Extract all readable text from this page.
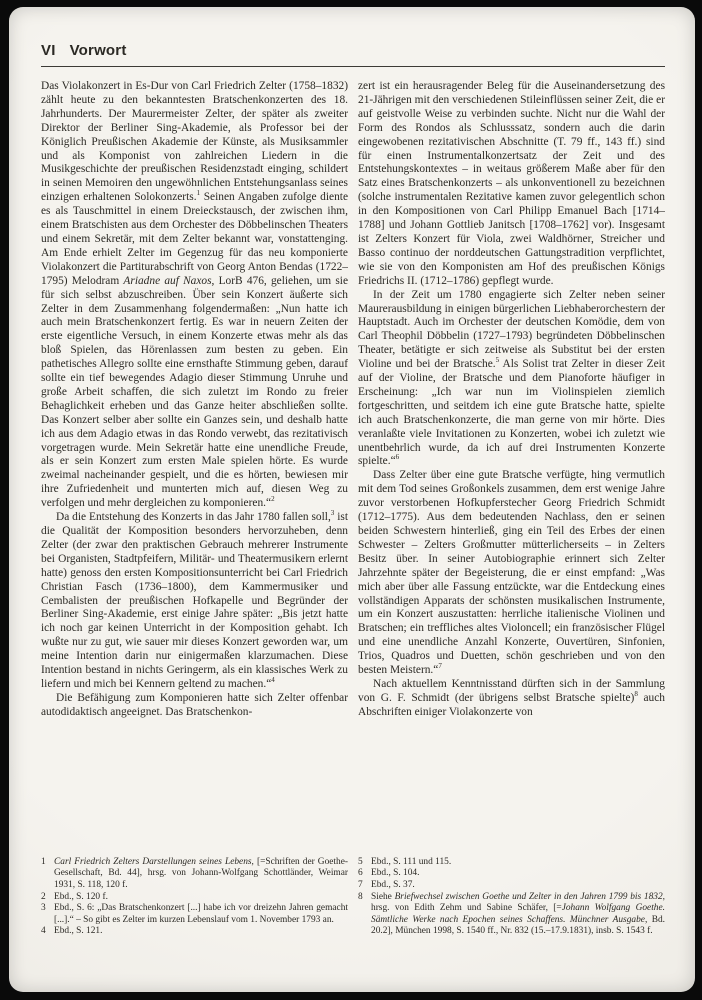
VI Vorwort

Das Violakonzert in Es-Dur von Carl Friedrich Zelter (1758–1832) zählt heute zu den bekanntesten Bratschenkonzerten des 18. Jahrhunderts. Der Maurermeister Zelter, der später als zweiter Direktor der Berliner Sing-Akademie, als Professor bei der Königlich Preußischen Akademie der Künste, als Musiksammler und als Komponist von zahlreichen Liedern in die Musikgeschichte der preußischen Residenzstadt einging, schildert in seinen Memoiren den ungewöhnlichen Entstehungsanlass seines einzigen erhaltenen Solokonzerts.$^1$ Seinen Angaben zufolge diente es als Tauschmittel in einem Dreieckstausch, der zwischen ihm, einem Bratschisten aus dem Orchester des Döbbelinschen Theaters und einem Sekretär, mit dem Zelter bekannt war, vonstattenging. Am Ende erhielt Zelter im Gegenzug für das neu komponierte Violakonzert die Partiturabschrift von Georg Anton Bendas (1722–1795) Melodram Ariadne auf Naxos, LorB 476, geliehen, um sie für sich selbst abzuschreiben. Über sein Konzert äußerte sich Zelter in dem Zusammenhang folgendermaßen: „Nun hatte ich auch mein Bratschenkonzert fertig. Es war in neuern Zeiten der erste eigentliche Versuch, in einem Konzerte etwas mehr als das bloß Spielen, das Hörenlassen zum besten zu geben. Ein pathetisches Allegro sollte eine ernsthafte Stimmung geben, darauf sollte ein tief bewegendes Adagio dieser Stimmung Unruhe und große Arbeit schaffen, die sich zuletzt im Rondo zu freier Behaglichkeit erheben und das Ganze heiter abschließen sollte. Das Konzert selber aber sollte ein Ganzes sein, und deshalb hatte ich aus dem Adagio etwas in das Rondo verwebt, das rezitativisch vorgetragen wurde. Mein Sekretär hatte eine unendliche Freude, als er sein Konzert zum ersten Male spielen hörte. Es wurde zweimal nacheinander gespielt, und die es hörten, bewiesen mir ihre Zufriedenheit und munterten mich auf, diesen Weg zu verfolgen und mehr dergleichen zu komponieren.“$^2$

Da die Entstehung des Konzerts in das Jahr 1780 fallen soll,$^3$ ist die Qualität der Komposition besonders hervorzuheben, denn Zelter (der zwar den praktischen Gebrauch mehrerer Instrumente bei Organisten, Stadtpfeifern, Militär- und Theatermusikern erlernt hatte) genoss den ersten Kompositionsunterricht bei Carl Friedrich Christian Fasch (1736–1800), dem Kammermusiker und Cembalisten der preußischen Hofkapelle und Begründer der Berliner Sing-Akademie, erst einige Jahre später: „Bis jetzt hatte ich noch gar keinen Unterricht in der Komposition gehabt. Ich wußte nur zu gut, wie sauer mir dieses Konzert geworden war, um meine Intention darin nur einigermaßen klarzumachen. Diese Intention bestand in nichts Geringerm, als ein klassisches Werk zu liefern und mich bei Kennern geltend zu machen.“$^4$

Die Befähigung zum Komponieren hatte sich Zelter offenbar autodidaktisch angeeignet. Das Bratschenkon-

1 Carl Friedrich Zelters Darstellungen seines Lebens, [=Schriften der Goethe-Gesellschaft, Bd. 44], hrsg. von Johann-Wolfgang Schottländer, Weimar 1931, S. 118, 120 f.
2 Ebd., S. 120 f.
3 Ebd., S. 6: „Das Bratschenkonzert [...] habe ich vor dreizehn Jahren gemacht [...].“ – So gibt es Zelter im kurzen Lebenslauf vom 1. November 1793 an.
4 Ebd., S. 121.

zert ist ein herausragender Beleg für die Auseinandersetzung des 21-Jährigen mit den verschiedenen Stileinflüssen seiner Zeit, die er auf geistvolle Weise zu verbinden suchte. Nicht nur die Wahl der Form des Rondos als Schlusssatz, sondern auch die darin eingewobenen rezitativischen Abschnitte (T. 79 ff., 143 ff.) sind für einen Instrumentalkonzertsatz der Zeit und des Entstehungskontextes – in weitaus größerem Maße aber für den Satz eines Bratschenkonzerts – als unkonventionell zu bezeichnen (solche instrumentalen Rezitative kamen zuvor gelegentlich schon in den Kompositionen von Carl Philipp Emanuel Bach [1714–1788] und Johann Gottlieb Janitsch [1708–1762] vor). Insgesamt ist Zelters Konzert für Viola, zwei Waldhörner, Streicher und Basso continuo der norddeutschen Gattungstradition verpflichtet, wie sie von den Komponisten am Hof des preußischen Königs Friedrichs II. (1712–1786) gepflegt wurde.

In der Zeit um 1780 engagierte sich Zelter neben seiner Maurerausbildung in einigen bürgerlichen Liebhaberorchestern der Hauptstadt. Auch im Orchester der deutschen Komödie, dem von Carl Theophil Döbbelin (1727–1793) begründeten Döbbelinschen Theater, betätigte er sich zeitweise als Substitut bei der ersten Violine und bei der Bratsche.$^5$ Als Solist trat Zelter in dieser Zeit auf der Violine, der Bratsche und dem Pianoforte häufiger in Erscheinung: „Ich war nun im Violinspielen ziemlich fortgeschritten, und seitdem ich eine gute Bratsche hatte, spielte ich auch Bratschenkonzerte, die man gerne von mir hörte. Dies veranlaßte viele Invitationen zu Konzerten, wobei ich zuletzt wie unentbehrlich wurde, da ich auf drei Instrumenten Konzerte spielte.“$^6$

Dass Zelter über eine gute Bratsche verfügte, hing vermutlich mit dem Tod seines Großonkels zusammen, dem erst wenige Jahre zuvor verstorbenen Hofkupferstecher Georg Friedrich Schmidt (1712–1775). Aus dem bedeutenden Nachlass, den er seinen beiden Schwestern hinterließ, ging ein Teil des Erbes der einen Schwester – Zelters Großmutter mütterlicherseits – in Zelters Besitz über. In seiner Autobiographie erinnert sich Zelter Jahrzehnte später der Begeisterung, die er einst empfand: „Was mich aber über alle Fassung entzückte, war die Entdeckung eines vollständigen Apparats der schönsten musikalischen Instrumente, um ein Konzert auszustatten: herrliche italienische Violinen und Bratschen; ein treffliches altes Violoncell; ein französischer Flügel und eine unendliche Anzahl Konzerte, Ouvertüren, Sinfonien, Trios, Quadros und Duetten, schön geschrieben und von den besten Meistern.“$^7$

Nach aktuellem Kenntnisstand dürften sich in der Sammlung von G. F. Schmidt (der übrigens selbst Bratsche spielte)$^8$ auch Abschriften einiger Violakonzerte von

5 Ebd., S. 111 und 115.
6 Ebd., S. 104.
7 Ebd., S. 37.
8 Siehe Briefwechsel zwischen Goethe und Zelter in den Jahren 1799 bis 1832, hrsg. von Edith Zehm und Sabine Schäfer, [=Johann Wolfgang Goethe. Sämtliche Werke nach Epochen seines Schaffens. Münchner Ausgabe, Bd. 20.2], München 1998, S. 1540 ff., Nr. 832 (15.–17.9.1831), insb. S. 1543 f.
